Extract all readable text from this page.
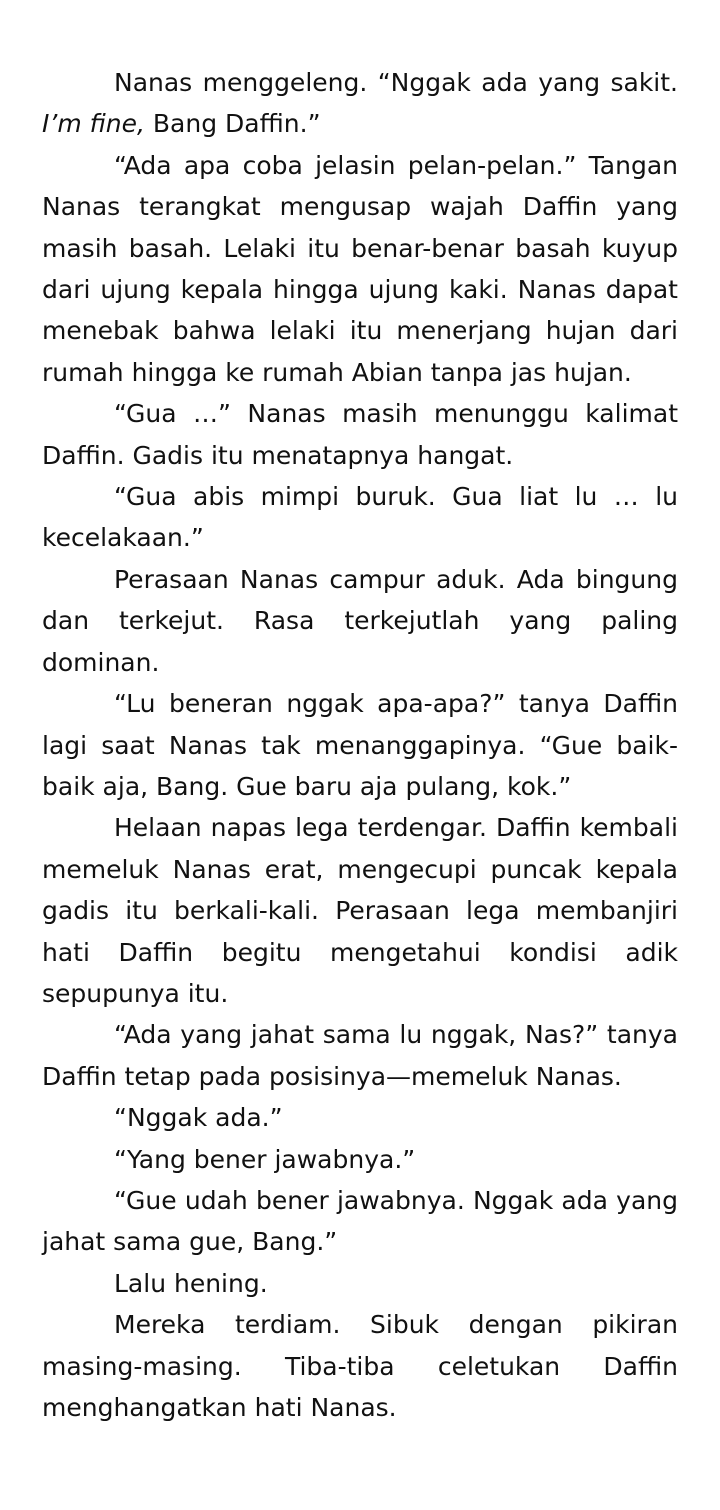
Nanas menggeleng. “Nggak ada yang sakit. I’m fine, Bang Daffin.”

“Ada apa coba jelasin pelan-pelan.” Tangan Nanas terangkat mengusap wajah Daffin yang masih basah. Lelaki itu benar-benar basah kuyup dari ujung kepala hingga ujung kaki. Nanas dapat menebak bahwa lelaki itu menerjang hujan dari rumah hingga ke rumah Abian tanpa jas hujan.

“Gua …” Nanas masih menunggu kalimat Daffin. Gadis itu menatapnya hangat.

“Gua abis mimpi buruk. Gua liat lu … lu kecelakaan.”

Perasaan Nanas campur aduk. Ada bingung dan terkejut. Rasa terkejutlah yang paling dominan.

“Lu beneran nggak apa-apa?” tanya Daffin lagi saat Nanas tak menanggapinya. “Gue baik-baik aja, Bang. Gue baru aja pulang, kok.”

Helaan napas lega terdengar. Daffin kembali memeluk Nanas erat, mengecupi puncak kepala gadis itu berkali-kali. Perasaan lega membanjiri hati Daffin begitu mengetahui kondisi adik sepupunya itu.

“Ada yang jahat sama lu nggak, Nas?” tanya Daffin tetap pada posisinya—memeluk Nanas.

“Nggak ada.”

“Yang bener jawabnya.”

“Gue udah bener jawabnya. Nggak ada yang jahat sama gue, Bang.”

Lalu hening.

Mereka terdiam. Sibuk dengan pikiran masing-masing. Tiba-tiba celetukan Daffin menghangatkan hati Nanas.
